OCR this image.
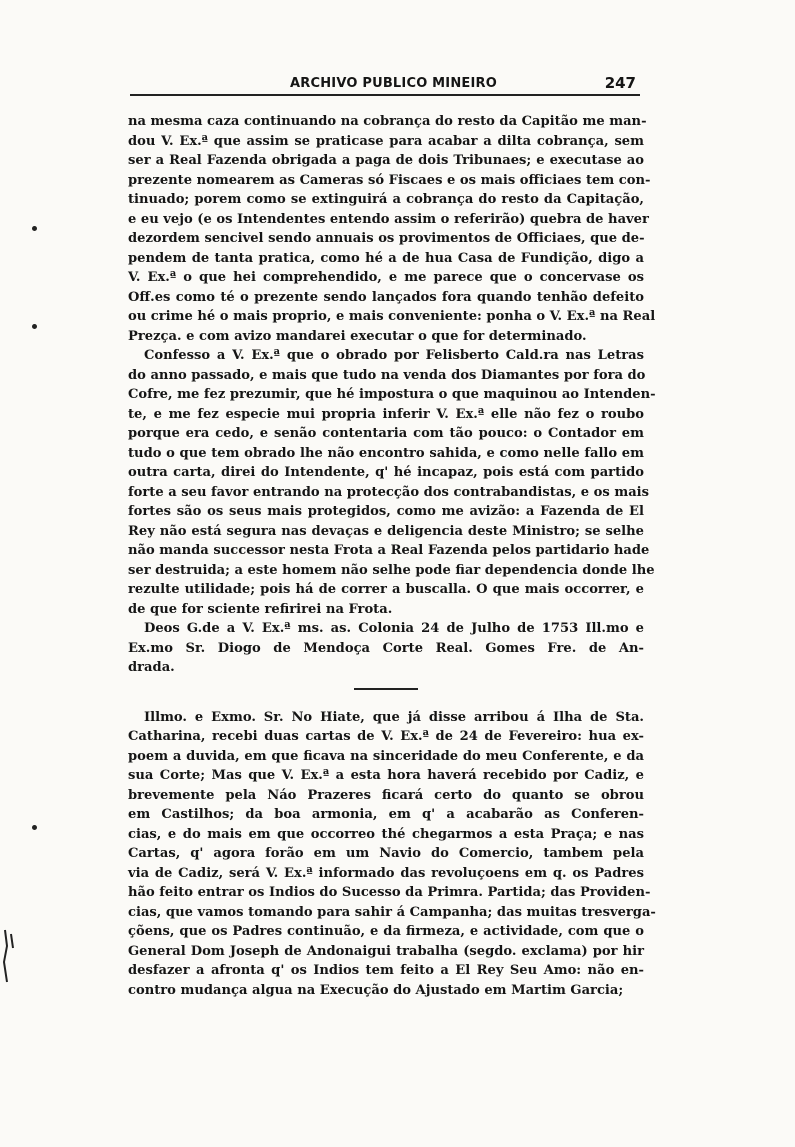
ARCHIVO PUBLICO MINEIRO	247
na mesma caza continuando na cobrança do resto da Capitão me man-
dou V. Ex.ª que assim se praticase para acabar a dilta cobrança, sem
ser a Real Fazenda obrigada a paga de dois Tribunaes; e executase ao
prezente nomearem as Cameras só Fiscaes e os mais officiaes tem con-
tinuado; porem como se extinguirá a cobrança do resto da Capitação,
e eu vejo (e os Intendentes entendo assim o referirão) quebra de haver
dezordem sencivel sendo annuais os provimentos de Officiaes, que de-
pendem de tanta pratica, como hé a de hua Casa de Fundição, digo a
V. Ex.ª o que hei comprehendido, e me parece que o concervase os
Off.es como té o prezente sendo lançados fora quando tenhão defeito
ou crime hé o mais proprio, e mais conveniente: ponha o V. Ex.ª na Real
Prezça. e com avizo mandarei executar o que for determinado.
Confesso a V. Ex.ª que o obrado por Felisberto Cald.ra nas Letras
do anno passado, e mais que tudo na venda dos Diamantes por fora do
Cofre, me fez prezumir, que hé impostura o que maquinou ao Intenden-
te, e me fez especie mui propria inferir V. Ex.ª elle não fez o roubo
porque era cedo, e senão contentaria com tão pouco: o Contador em
tudo o que tem obrado lhe não encontro sahida, e como nelle fallo em
outra carta, direi do Intendente, q' hé incapaz, pois está com partido
forte a seu favor entrando na protecção dos contrabandistas, e os mais
fortes são os seus mais protegidos, como me avizão: a Fazenda de El
Rey não está segura nas devaças e deligencia deste Ministro; se selhe
não manda successor nesta Frota a Real Fazenda pelos partidario hade
ser destruida; a este homem não selhe pode fiar dependencia donde lhe
rezulte utilidade; pois há de correr a buscalla. O que mais occorrer, e
de que for sciente refirirei na Frota.
Deos G.de a V. Ex.ª ms. as. Colonia 24 de Julho de 1753 Ill.mo e
Ex.mo Sr. Diogo de Mendoça Corte Real. Gomes Fre. de An-
drada.
Illmo. e Exmo. Sr. No Hiate, que já disse arribou á Ilha de Sta.
Catharina, recebi duas cartas de V. Ex.ª de 24 de Fevereiro: hua ex-
poem a duvida, em que ficava na sinceridade do meu Conferente, e da
sua Corte; Mas que V. Ex.ª a esta hora haverá recebido por Cadiz, e
brevemente pela Náo Prazeres ficará certo do quanto se obrou
em Castilhos; da boa armonia, em q' a acabarão as Conferen-
cias, e do mais em que occorreo thé chegarmos a esta Praça; e nas
Cartas, q' agora forão em um Navio do Comercio, tambem pela
via de Cadiz, será V. Ex.ª informado das revoluçoens em q. os Padres
hão feito entrar os Indios do Sucesso da Primra. Partida; das Providen-
cias, que vamos tomando para sahir á Campanha; das muitas tresverga-
çõens, que os Padres continuão, e da firmeza, e actividade, com que o
General Dom Joseph de Andonaigui trabalha (segdo. exclama) por hir
desfazer a afronta q' os Indios tem feito a El Rey Seu Amo: não en-
contro mudança algua na Execução do Ajustado em Martim Garcia;
